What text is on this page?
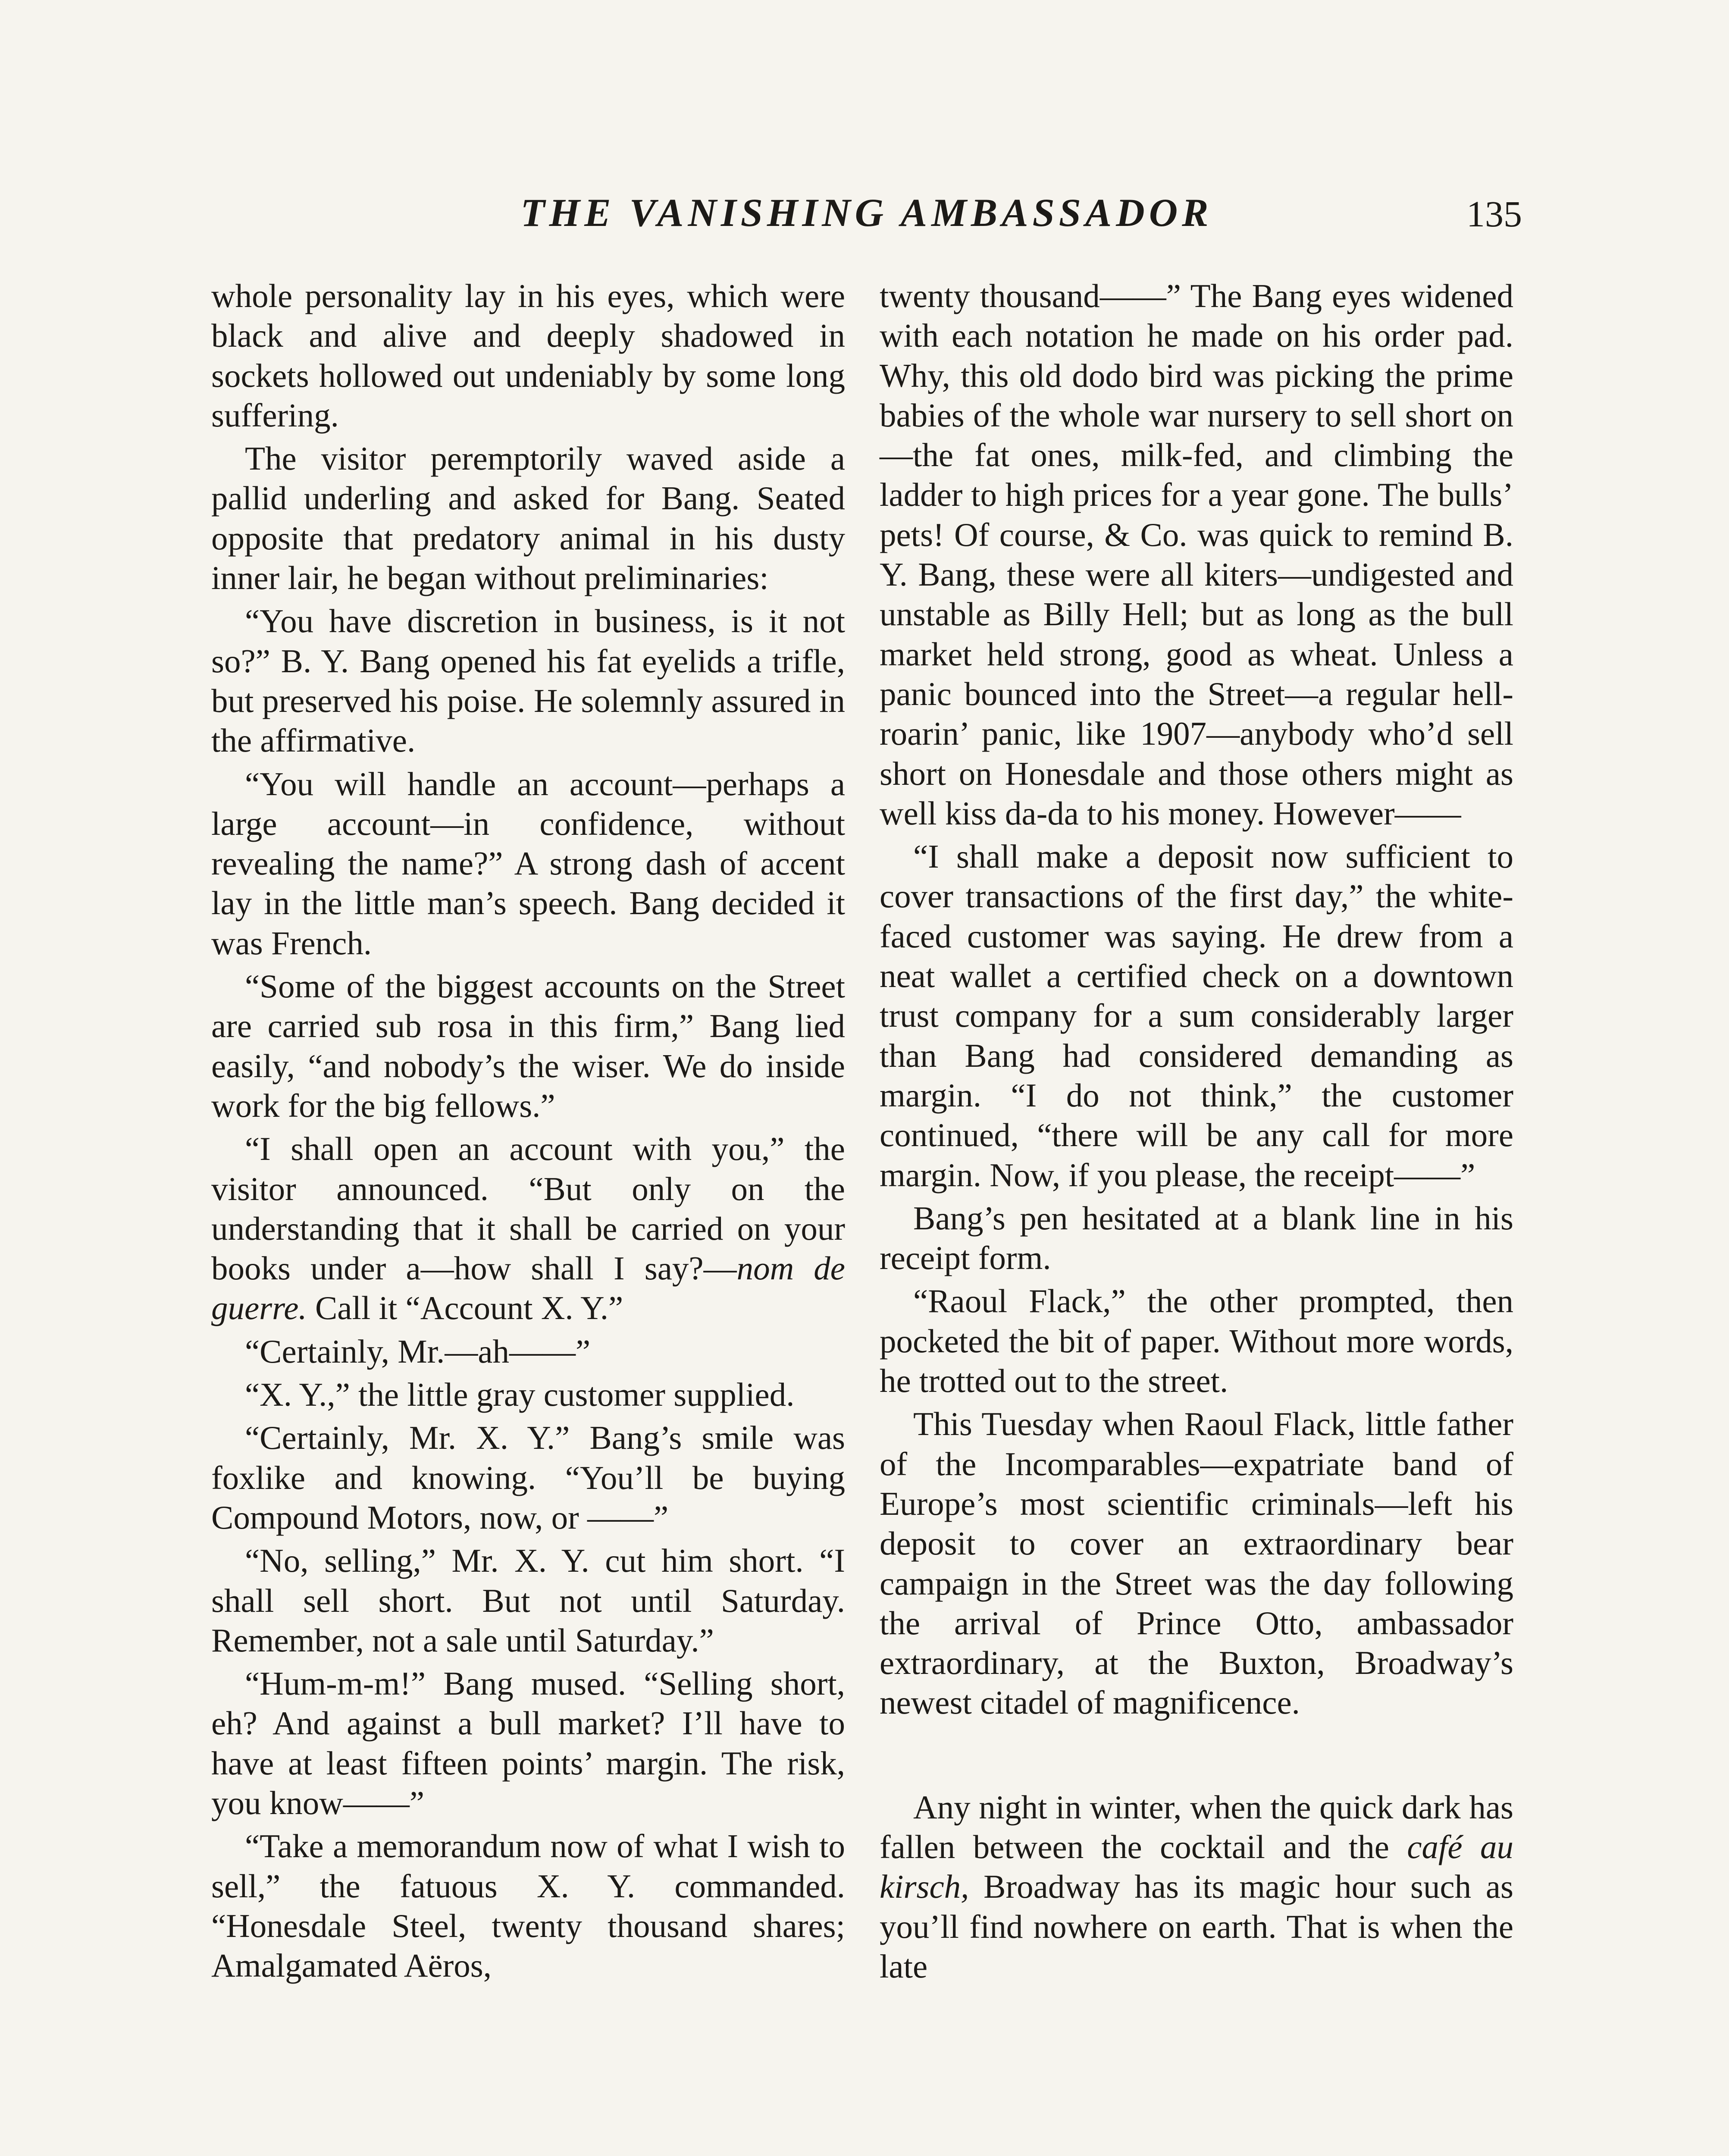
THE VANISHING AMBASSADOR	135

whole personality lay in his eyes, which were black and alive and deeply shadowed in sockets hollowed out undeniably by some long suffering.

The visitor peremptorily waved aside a pallid underling and asked for Bang. Seated opposite that predatory animal in his dusty inner lair, he began without preliminaries:

“You have discretion in business, is it not so?” B. Y. Bang opened his fat eyelids a trifle, but preserved his poise. He solemnly assured in the affirmative.

“You will handle an account—perhaps a large account—in confidence, without revealing the name?” A strong dash of accent lay in the little man’s speech. Bang decided it was French.

“Some of the biggest accounts on the Street are carried sub rosa in this firm,” Bang lied easily, “and nobody’s the wiser. We do inside work for the big fellows.”

“I shall open an account with you,” the visitor announced. “But only on the understanding that it shall be carried on your books under a—how shall I say?—nom de guerre. Call it “Account X. Y.”

“Certainly, Mr.—ah——”

“X. Y.,” the little gray customer supplied.

“Certainly, Mr. X. Y.” Bang’s smile was foxlike and knowing. “You’ll be buying Compound Motors, now, or ——”

“No, selling,” Mr. X. Y. cut him short. “I shall sell short. But not until Saturday. Remember, not a sale until Saturday.”

“Hum-m-m!” Bang mused. “Selling short, eh? And against a bull market? I’ll have to have at least fifteen points’ margin. The risk, you know——”

“Take a memorandum now of what I wish to sell,” the fatuous X. Y. commanded. “Honesdale Steel, twenty thousand shares; Amalgamated Aëros,

twenty thousand——” The Bang eyes widened with each notation he made on his order pad. Why, this old dodo bird was picking the prime babies of the whole war nursery to sell short on—the fat ones, milk-fed, and climbing the ladder to high prices for a year gone. The bulls’ pets! Of course, & Co. was quick to remind B. Y. Bang, these were all kiters—undigested and unstable as Billy Hell; but as long as the bull market held strong, good as wheat. Unless a panic bounced into the Street—a regular hell-roarin’ panic, like 1907—anybody who’d sell short on Honesdale and those others might as well kiss da-da to his money. However——

“I shall make a deposit now sufficient to cover transactions of the first day,” the white-faced customer was saying. He drew from a neat wallet a certified check on a downtown trust company for a sum considerably larger than Bang had considered demanding as margin. “I do not think,” the customer continued, “there will be any call for more margin. Now, if you please, the receipt——”

Bang’s pen hesitated at a blank line in his receipt form.

“Raoul Flack,” the other prompted, then pocketed the bit of paper. Without more words, he trotted out to the street.

This Tuesday when Raoul Flack, little father of the Incomparables—expatriate band of Europe’s most scientific criminals—left his deposit to cover an extraordinary bear campaign in the Street was the day following the arrival of Prince Otto, ambassador extraordinary, at the Buxton, Broadway’s newest citadel of magnificence.

Any night in winter, when the quick dark has fallen between the cocktail and the café au kirsch, Broadway has its magic hour such as you’ll find nowhere on earth. That is when the late
